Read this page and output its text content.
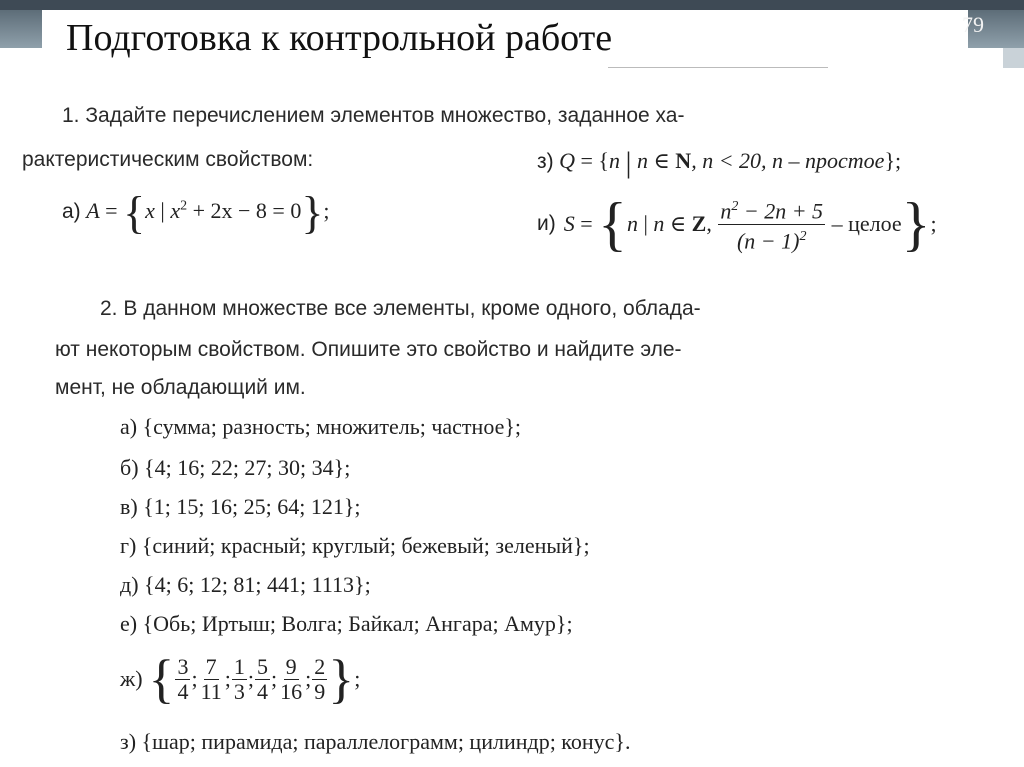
79
Подготовка к контрольной работе
1. Задайте перечислением элементов множество, заданное ха-
рактеристическим свойством:
а) A = {x | $x^2 + 2x - 8 = 0$};
з) Q = {n | n ∈ N, n < 20, n – простое};
и) S = { n | n ∈
Z , $\frac{n^2 - 2n + 5}{(n - 1)^2}$
– целое } ;
2. В данном множестве все элементы, кроме одного, облада-
ют некоторым свойством. Опишите это свойство и найдите эле-
мент, не обладающий им.
а) {сумма; разность; множитель; частное};
б) {4; 16; 22; 27; 30; 34};
в) {1; 15; 16; 25; 64; 121};
г) {синий; красный; круглый; бежевый; зеленый};
д) {4; 6; 12; 81; 441; 1113};
е) {Обь; Иртыш; Волга; Байкал; Ангара; Амур};
ж) { $\frac{3}{4}$ ; $\frac{7}{11}$ ; $\frac{1}{3}$ ; $\frac{5}{4}$ ; $\frac{9}{16}$ ; $\frac{2}{9}$ } ;
з) {шар; пирамида; параллелограмм; цилиндр; конус}.
